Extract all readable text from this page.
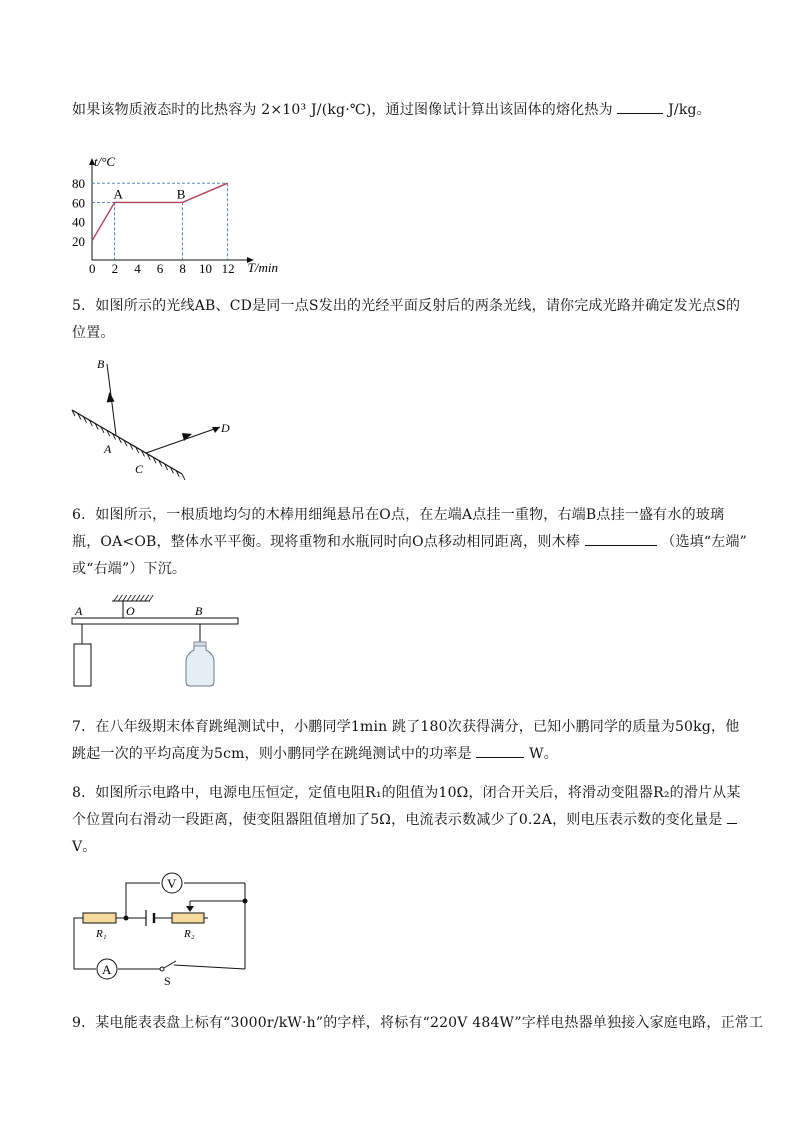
如果该物质液态时的比热容为 2×10³ J/(kg·℃)，通过图像试计算出该固体的熔化热为	J/kg。
0 2 4 6 8 10 12
80
60
40
20
A	B
t/°C
T/min
5．如图所示的光线AB、CD是同一点S发出的光经平面反射后的两条光线，请你完成光路并确定发光点S的
位置。
B
A
C
D
6．如图所示，一根质地均匀的木棒用细绳悬吊在O点，在左端A点挂一重物，右端B点挂一盛有水的玻璃
瓶，OA<OB，整体水平平衡。现将重物和水瓶同时向O点移动相同距离，则木棒	（选填“左端”
或“右端”）下沉。
A	O	B
7．在八年级期末体育跳绳测试中，小鹏同学1min 跳了180次获得满分，已知小鹏同学的质量为50kg，他
跳起一次的平均高度为5cm，则小鹏同学在跳绳测试中的功率是	W。
8．如图所示电路中，电源电压恒定，定值电阻R₁的阻值为10Ω，闭合开关后，将滑动变阻器R₂的滑片从某
个位置向右滑动一段距离，使变阻器阻值增加了5Ω，电流表示数减少了0.2A，则电压表示数的变化量是
V。
V
A
S
R₁	R₂
9．某电能表表盘上标有“3000r/kW·h”的字样，将标有“220V 484W”字样电热器单独接入家庭电路，正常工
